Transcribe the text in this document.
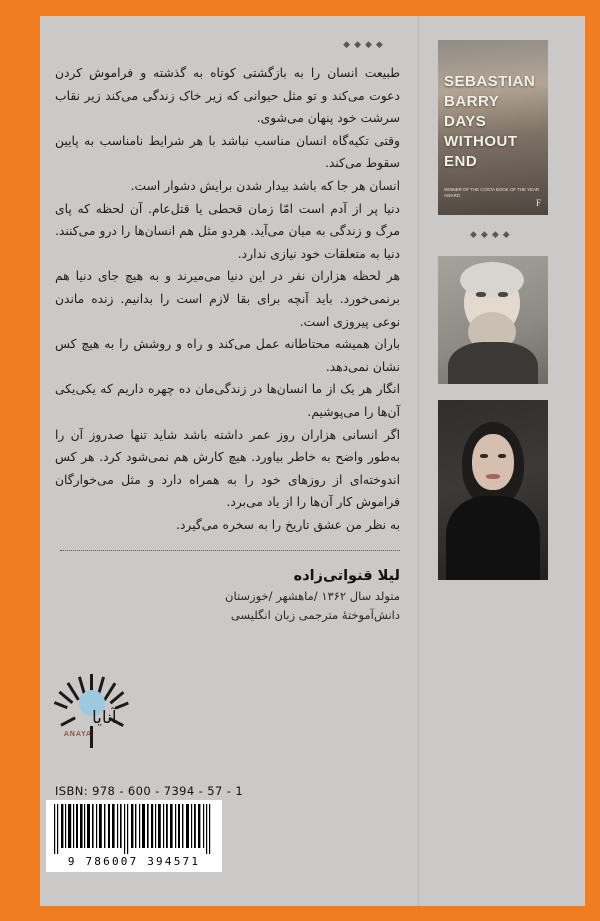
◆◆◆◆

طبیعت انسان را به بازگشتی کوتاه به گذشته و فراموش کردن دعوت می‌کند و تو مثل حیوانی که زیر خاک زندگی می‌کند زیر نقاب سرشت خود پنهان می‌شوی.

وقتی تکیه‌گاه انسان مناسب نباشد با هر شرایط نامناسب به پایین سقوط می‌کند.

انسان هر جا که باشد بیدار شدن برایش دشوار است.

دنیا پر از آدم است امّا زمان قحطی یا قتل‌عام. آن لحظه که پای مرگ و زندگی به میان می‌آید. هردو مثل هم انسان‌ها را درو می‌کنند. دنیا به متعلقات خود نیازی ندارد.

هر لحظه هزاران نفر در این دنیا می‌میرند و به هیچ جای دنیا هم برنمی‌خورد. باید آنچه برای بقا لازم است را بدانیم. زنده ماندن نوعی پیروزی است.

باران همیشه محتاطانه عمل می‌کند و راه و روشش را به هیچ کس نشان نمی‌دهد.

انگار هر یک از ما انسان‌ها در زندگی‌مان ده چهره داریم که یکی‌یکی آن‌ها را می‌پوشیم.

اگر انسانی هزاران روز عمر داشته باشد شاید تنها صدروز آن را به‌طور واضح به خاطر بیاورد. هیچ کارش هم نمی‌شود کرد. هر کس اندوخته‌ای از روزهای خود را به همراه دارد و مثل می‌خوارگان فراموش کار آن‌ها را از یاد می‌برد.

به نظر من عشق تاریخ را به سخره می‌گیرد.

لیلا قنواتی‌زاده
متولد سال ۱۳۶۲ /ماهشهر /خوزستان
دانش‌آموختهٔ مترجمی زبان انگلیسی
آنایا
ANAYA
ISBN: 978 - 600 - 7394 - 57 - 1
9 786007 394571
SEBASTIAN
BARRY
DAYS
WITHOUT
END
WINNER OF THE COSTA BOOK OF THE YEAR AWARD
F
◆◆◆◆
